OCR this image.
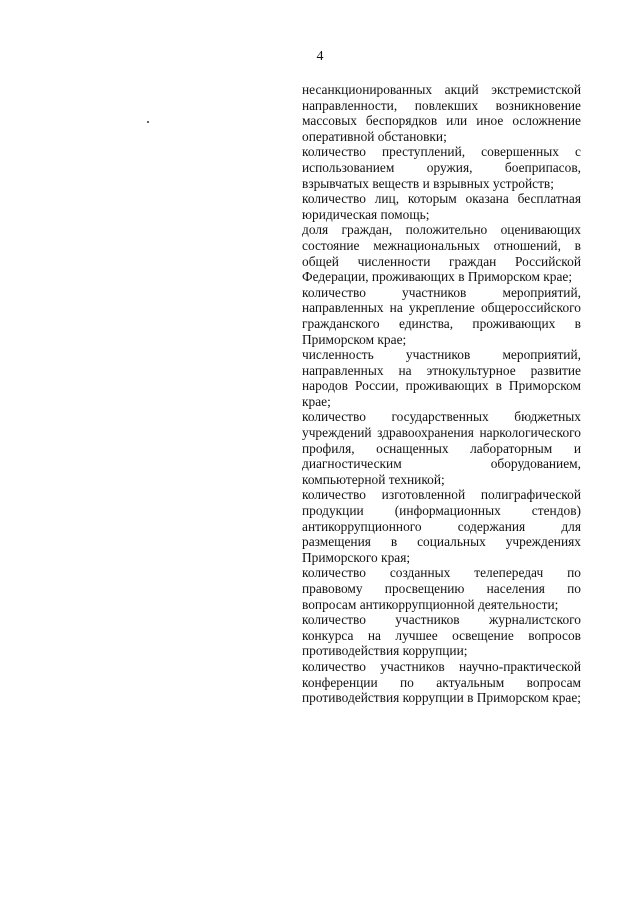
4

несанкционированных акций экстремистской направленности, повлекших возникновение массовых беспорядков или иное осложнение оперативной обстановки;

количество преступлений, совершенных с использованием оружия, боеприпасов, взрывчатых веществ и взрывных устройств;

количество лиц, которым оказана бесплатная юридическая помощь;

доля граждан, положительно оценивающих состояние межнациональных отношений, в общей численности граждан Российской Федерации, проживающих в Приморском крае;

количество участников мероприятий, направленных на укрепление общероссийского гражданского единства, проживающих в Приморском крае;

численность участников мероприятий, направленных на этнокультурное развитие народов России, проживающих в Приморском крае;

количество государственных бюджетных учреждений здравоохранения наркологического профиля, оснащенных лабораторным и диагностическим оборудованием, компьютерной техникой;

количество изготовленной полиграфической продукции (информационных стендов) антикоррупционного содержания для размещения в социальных учреждениях Приморского края;

количество созданных телепередач по правовому просвещению населения по вопросам антикоррупционной деятельности;

количество участников журналистского конкурса на лучшее освещение вопросов противодействия коррупции;

количество участников научно-практической конференции по актуальным вопросам противодействия коррупции в Приморском крае;
